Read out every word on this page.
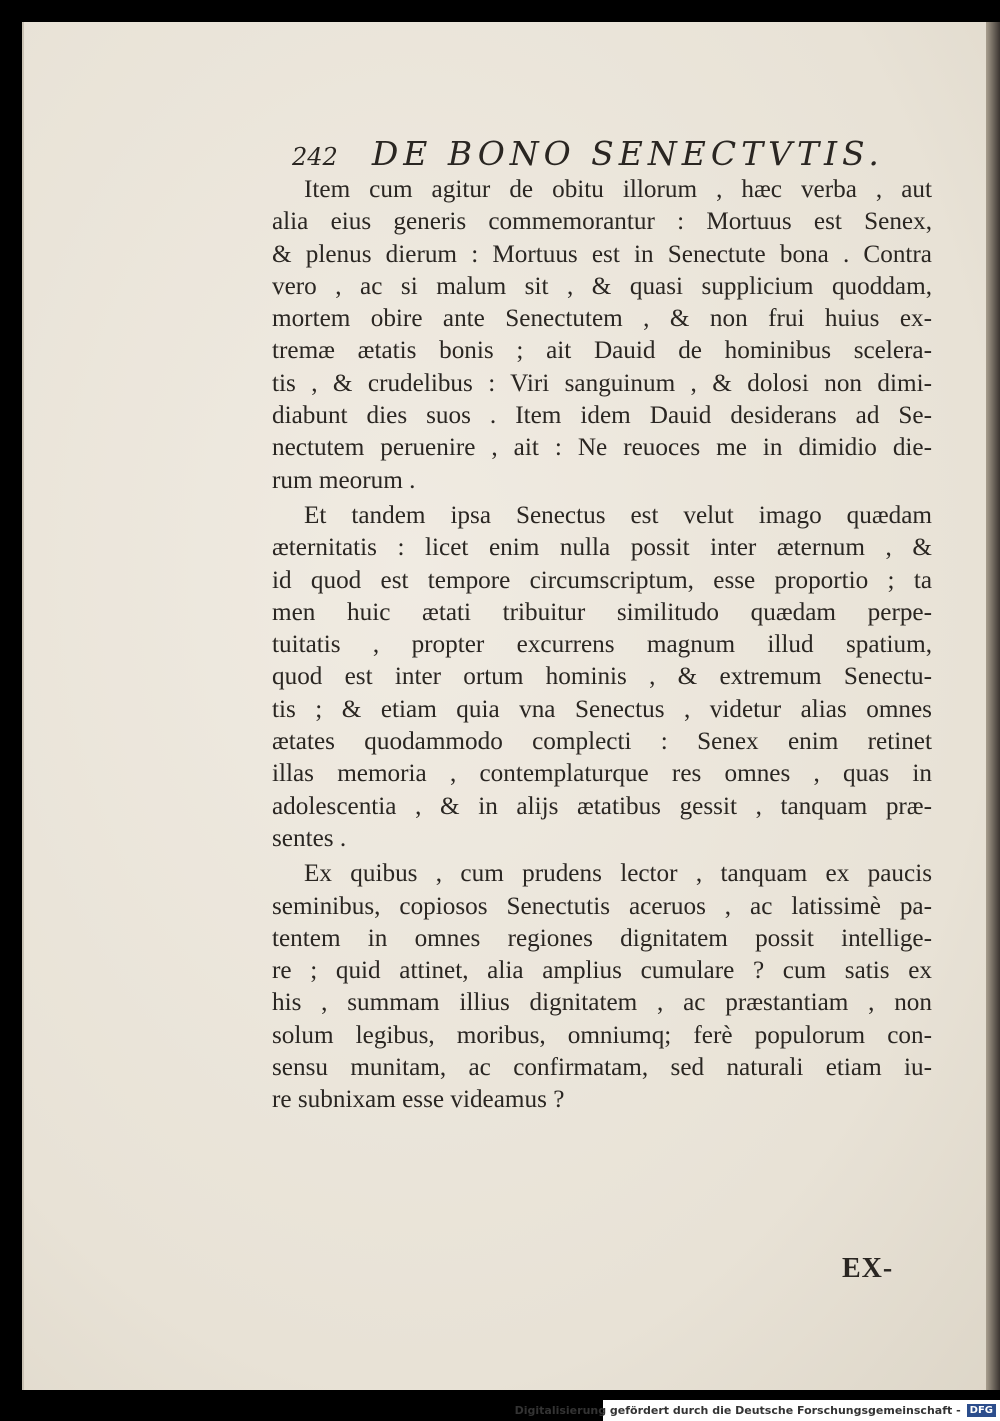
242 DE BONO SENECTVTIS.
Item cum agitur de obitu illorum , hæc verba , aut
alia eius generis commemorantur : Mortuus est Senex,
& plenus dierum : Mortuus est in Senectute bona . Contra
vero , ac si malum sit , & quasi supplicium quoddam,
mortem obire ante Senectutem , & non frui huius ex-
tremæ ætatis bonis ; ait Dauid de hominibus scelera-
tis , & crudelibus : Viri sanguinum , & dolosi non dimi-
diabunt dies suos . Item idem Dauid desiderans ad Se-
nectutem peruenire , ait : Ne reuoces me in dimidio die-
rum meorum .
Et tandem ipsa Senectus est velut imago quædam
æternitatis : licet enim nulla possit inter æternum , &
id quod est tempore circumscriptum, esse proportio ; ta
men huic ætati tribuitur similitudo quædam perpe-
tuitatis , propter excurrens magnum illud spatium,
quod est inter ortum hominis , & extremum Senectu-
tis ; & etiam quia vna Senectus , videtur alias omnes
ætates quodammodo complecti : Senex enim retinet
illas memoria , contemplaturque res omnes , quas in
adolescentia , & in alijs ætatibus gessit , tanquam præ-
sentes .
Ex quibus , cum prudens lector , tanquam ex paucis
seminibus, copiosos Senectutis aceruos , ac latissimè pa-
tentem in omnes regiones dignitatem possit intellige-
re ; quid attinet, alia amplius cumulare ? cum satis ex
his , summam illius dignitatem , ac præstantiam , non
solum legibus, moribus, omniumq; ferè populorum con-
sensu munitam, ac confirmatam, sed naturali etiam iu-
re subnixam esse videamus ?
EX-
Digitalisierung gefördert durch die Deutsche Forschungsgemeinschaft - DFG
